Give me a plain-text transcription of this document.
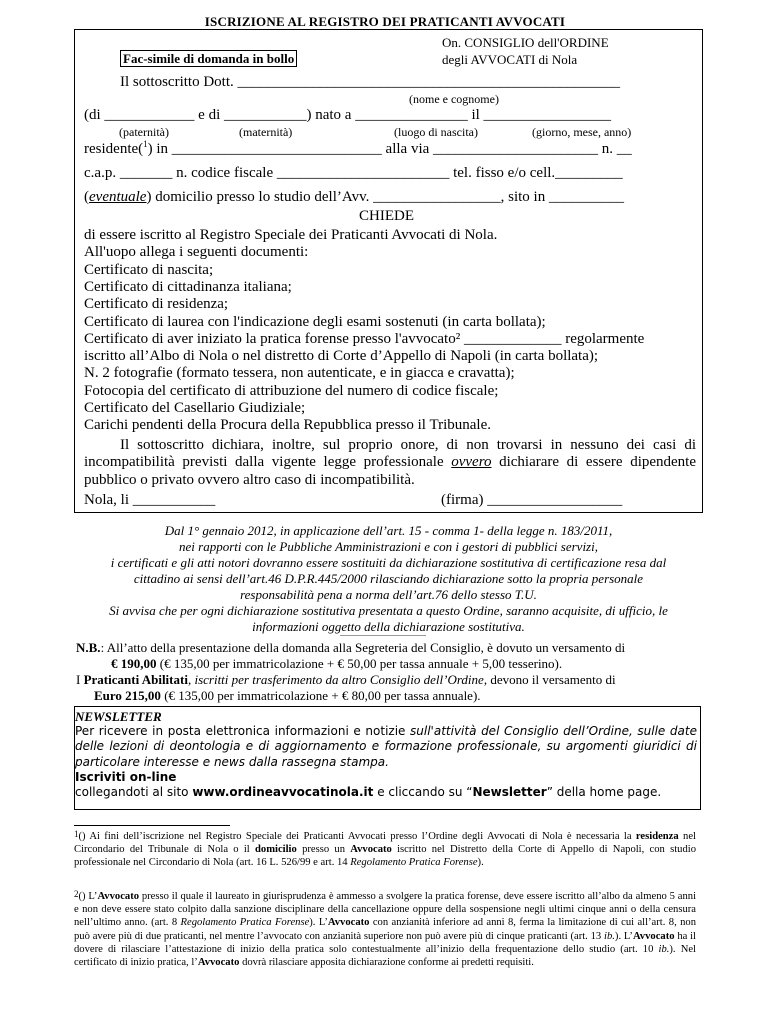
ISCRIZIONE AL REGISTRO DEI PRATICANTI AVVOCATI
Fac-simile di domanda in bollo
On. CONSIGLIO dell'ORDINE
degli AVVOCATI di Nola
Il sottoscritto Dott. ___________________________________________________
(nome e cognome)
(di ____________ e di ___________) nato a _______________ il _________________
(paternità)	(maternità)	(luogo di nascita)	(giorno, mese, anno)
residente($^1$) in ____________________________ alla via ______________________ n. __
c.a.p. _______ n. codice fiscale _______________________ tel. fisso e/o cell._________
(eventuale) domicilio presso lo studio dell’Avv. _________________, sito in __________
CHIEDE
di essere iscritto al Registro Speciale dei Praticanti Avvocati di Nola.
All'uopo allega i seguenti documenti:
Certificato di nascita;
Certificato di cittadinanza italiana;
Certificato di residenza;
Certificato di laurea con l'indicazione degli esami sostenuti (in carta bollata);
Certificato di aver iniziato la pratica forense presso l'avvocato² _____________ regolarmente
iscritto all’Albo di Nola o nel distretto di Corte d’Appello di Napoli (in carta bollata);
N. 2 fotografie (formato tessera, non autenticate, e in giacca e cravatta);
Fotocopia del certificato di attribuzione del numero di codice fiscale;
Certificato del Casellario Giudiziale;
Carichi pendenti della Procura della Repubblica presso il Tribunale.
Il sottoscritto dichiara, inoltre, sul proprio onore, di non trovarsi in nessuno dei casi di incompatibilità previsti dalla vigente legge professionale ovvero dichiarare di essere dipendente pubblico o privato ovvero altro caso di incompatibilità.
Nola, li ___________	(firma) __________________
Dal 1° gennaio 2012, in applicazione dell’art. 15 - comma 1- della legge n. 183/2011,
nei rapporti con le Pubbliche Amministrazioni e con i gestori di pubblici servizi,
i certificati e gli atti notori dovranno essere sostituiti da dichiarazione sostitutiva di certificazione resa dal
cittadino ai sensi dell’art.46 D.P.R.445/2000 rilasciando dichiarazione sotto la propria personale
responsabilità pena a norma dell’art.76 dello stesso T.U.
Si avvisa che per ogni dichiarazione sostitutiva presentata a questo Ordine, saranno acquisite, di ufficio, le
informazioni oggetto della dichiarazione sostitutiva.
N.B.: All’atto della presentazione della domanda alla Segreteria del Consiglio, è dovuto un versamento di
€ 190,00 (€ 135,00 per immatricolazione + € 50,00 per tassa annuale + 5,00 tesserino).
I Praticanti Abilitati, iscritti per trasferimento da altro Consiglio dell’Ordine, devono il versamento di
Euro 215,00 (€ 135,00 per immatricolazione + € 80,00 per tassa annuale).
NEWSLETTER
Per ricevere in posta elettronica informazioni e notizie sull'attività del Consiglio dell’Ordine, sulle date delle lezioni di deontologia e di aggiornamento e formazione professionale, su argomenti giuridici di particolare interesse e news dalla rassegna stampa.
Iscriviti on-line
collegandoti al sito www.ordineavvocatinola.it e cliccando su “Newsletter” della home page.
$^1$() Ai fini dell’iscrizione nel Registro Speciale dei Praticanti Avvocati presso l’Ordine degli Avvocati di Nola è necessaria la residenza nel Circondario del Tribunale di Nola o il domicilio presso un Avvocato iscritto nel Distretto della Corte di Appello di Napoli, con studio professionale nel Circondario di Nola (art. 16 L. 526/99 e art. 14 Regolamento Pratica Forense).
$^2$() L’Avvocato presso il quale il laureato in giurisprudenza è ammesso a svolgere la pratica forense, deve essere iscritto all’albo da almeno 5 anni e non deve essere stato colpito dalla sanzione disciplinare della cancellazione oppure della sospensione negli ultimi cinque anni o della censura nell’ultimo anno. (art. 8 Regolamento Pratica Forense). L’Avvocato con anzianità inferiore ad anni 8, ferma la limitazione di cui all’art. 8, non può avere più di due praticanti, nel mentre l’avvocato con anzianità superiore non può avere più di cinque praticanti (art. 13 ib.). L’Avvocato ha il dovere di rilasciare l’attestazione di inizio della pratica solo contestualmente all’inizio della frequentazione dello studio (art. 10 ib.). Nel certificato di inizio pratica, l’Avvocato dovrà rilasciare apposita dichiarazione conforme ai predetti requisiti.
